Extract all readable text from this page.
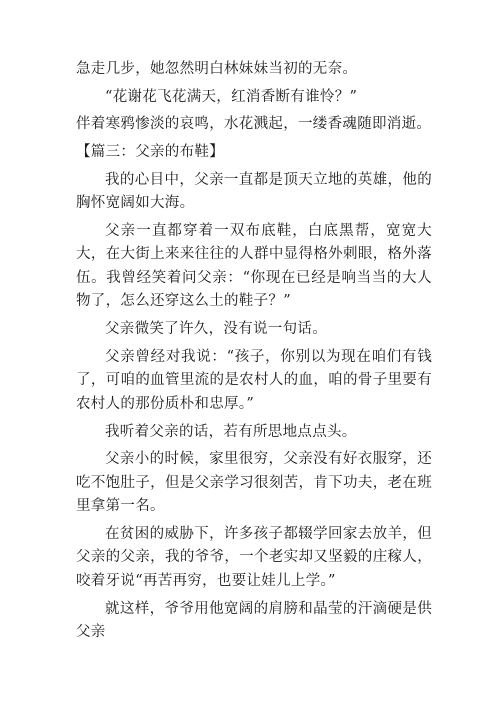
急走几步，她忽然明白林妹妹当初的无奈。

“花谢花飞花满天，红消香断有谁怜？”

伴着寒鸦惨淡的哀鸣，水花溅起，一缕香魂随即消逝。

【篇三：父亲的布鞋】

我的心目中，父亲一直都是顶天立地的英雄，他的胸怀宽阔如大海。

父亲一直都穿着一双布底鞋，白底黑帮，宽宽大大，在大街上来来往往的人群中显得格外刺眼，格外落伍。我曾经笑着问父亲：“你现在已经是响当当的大人物了，怎么还穿这么土的鞋子？”

父亲微笑了许久，没有说一句话。

父亲曾经对我说：“孩子，你别以为现在咱们有钱了，可咱的血管里流的是农村人的血，咱的骨子里要有农村人的那份质朴和忠厚。”

我听着父亲的话，若有所思地点点头。

父亲小的时候，家里很穷，父亲没有好衣服穿，还吃不饱肚子，但是父亲学习很刻苦，肯下功夫，老在班里拿第一名。

在贫困的威胁下，许多孩子都辍学回家去放羊，但父亲的父亲，我的爷爷，一个老实却又坚毅的庄稼人，咬着牙说“再苦再穷，也要让娃儿上学。”

就这样，爷爷用他宽阔的肩膀和晶莹的汗滴硬是供父亲
